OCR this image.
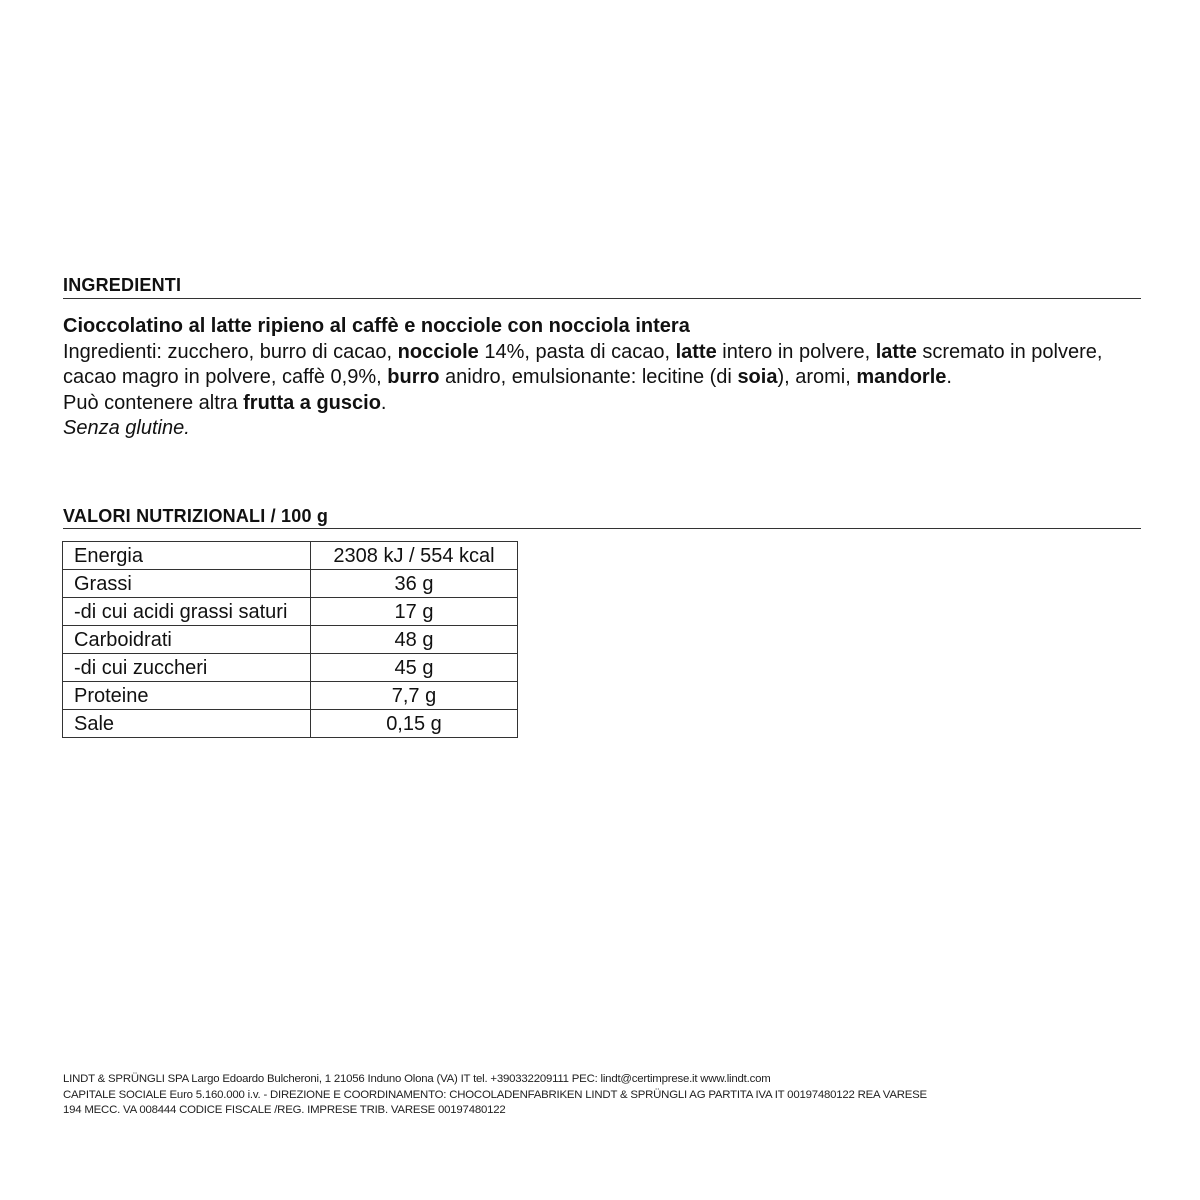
INGREDIENTI

Cioccolatino al latte ripieno al caffè e nocciole con nocciola intera

Ingredienti: zucchero, burro di cacao, nocciole 14%, pasta di cacao, latte intero in polvere, latte scremato in polvere, cacao magro in polvere, caffè 0,9%, burro anidro, emulsionante: lecitine (di soia), aromi, mandorle.

Può contenere altra frutta a guscio.

Senza glutine.

VALORI NUTRIZIONALI / 100 g
Energia	2308 kJ / 554 kcal
Grassi	36 g
-di cui acidi grassi saturi	17 g
Carboidrati	48 g
-di cui zuccheri	45 g
Proteine	7,7 g
Sale	0,15 g
LINDT & SPRÜNGLI SPA Largo Edoardo Bulcheroni, 1 21056 Induno Olona (VA) IT tel. +390332209111 PEC: lindt@certimprese.it www.lindt.com
CAPITALE SOCIALE Euro 5.160.000 i.v. - DIREZIONE E COORDINAMENTO: CHOCOLADENFABRIKEN LINDT & SPRÜNGLI AG PARTITA IVA IT 00197480122 REA VARESE
194 MECC. VA 008444 CODICE FISCALE /REG. IMPRESE TRIB. VARESE 00197480122
